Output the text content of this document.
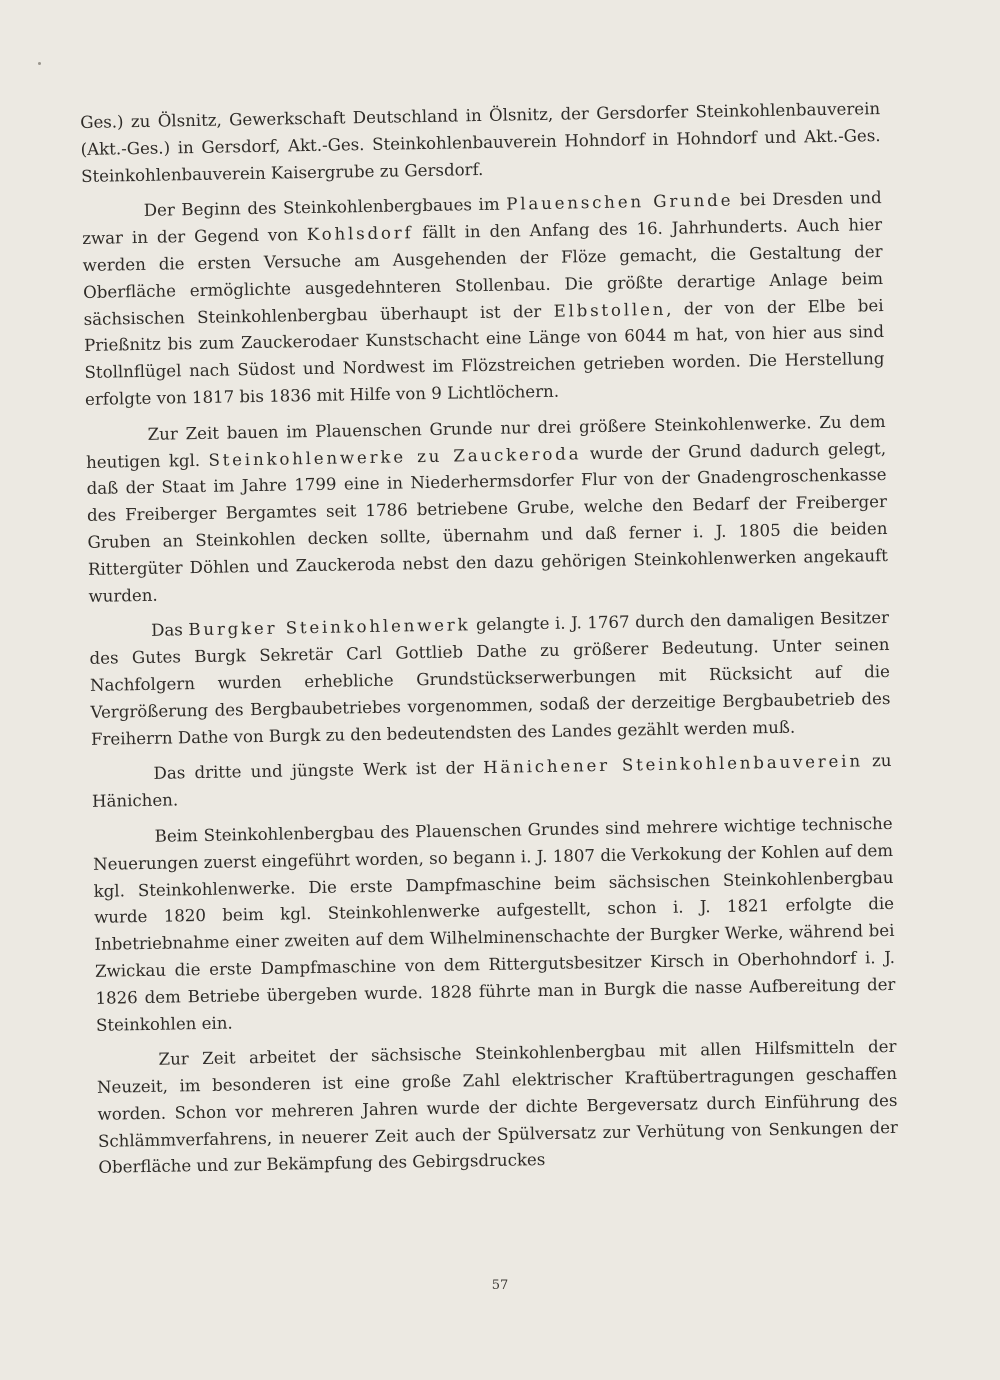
Ges.) zu Ölsnitz, Gewerkschaft Deutschland in Ölsnitz, der Gersdorfer Steinkohlenbauverein (Akt.-Ges.) in Gersdorf, Akt.-Ges. Steinkohlenbauverein Hohndorf in Hohndorf und Akt.-Ges. Steinkohlenbauverein Kaisergrube zu Gersdorf.

Der Beginn des Steinkohlenbergbaues im Plauenschen Grunde bei Dresden und zwar in der Gegend von Kohlsdorf fällt in den Anfang des 16. Jahrhunderts. Auch hier werden die ersten Versuche am Ausgehenden der Flöze gemacht, die Gestaltung der Oberfläche ermöglichte ausgedehnteren Stollenbau. Die größte derartige Anlage beim sächsischen Steinkohlenbergbau überhaupt ist der Elbstollen, der von der Elbe bei Prießnitz bis zum Zauckerodaer Kunstschacht eine Länge von 6044 m hat, von hier aus sind Stollnflügel nach Südost und Nordwest im Flözstreichen getrieben worden. Die Herstellung erfolgte von 1817 bis 1836 mit Hilfe von 9 Lichtlöchern.

Zur Zeit bauen im Plauenschen Grunde nur drei größere Steinkohlenwerke. Zu dem heutigen kgl. Steinkohlenwerke zu Zauckeroda wurde der Grund dadurch gelegt, daß der Staat im Jahre 1799 eine in Niederhermsdorfer Flur von der Gnadengroschenkasse des Freiberger Bergamtes seit 1786 betriebene Grube, welche den Bedarf der Freiberger Gruben an Steinkohlen decken sollte, übernahm und daß ferner i. J. 1805 die beiden Rittergüter Döhlen und Zauckeroda nebst den dazu gehörigen Steinkohlenwerken angekauft wurden.

Das Burgker Steinkohlenwerk gelangte i. J. 1767 durch den damaligen Besitzer des Gutes Burgk Sekretär Carl Gottlieb Dathe zu größerer Bedeutung. Unter seinen Nachfolgern wurden erhebliche Grundstückserwerbungen mit Rücksicht auf die Vergrößerung des Bergbaubetriebes vorgenommen, sodaß der derzeitige Bergbaubetrieb des Freiherrn Dathe von Burgk zu den bedeutendsten des Landes gezählt werden muß.

Das dritte und jüngste Werk ist der Hänichener Steinkohlenbauverein zu Hänichen.

Beim Steinkohlenbergbau des Plauenschen Grundes sind mehrere wichtige technische Neuerungen zuerst eingeführt worden, so begann i. J. 1807 die Verkokung der Kohlen auf dem kgl. Steinkohlenwerke. Die erste Dampfmaschine beim sächsischen Steinkohlenbergbau wurde 1820 beim kgl. Steinkohlenwerke aufgestellt, schon i. J. 1821 erfolgte die Inbetriebnahme einer zweiten auf dem Wilhelminenschachte der Burgker Werke, während bei Zwickau die erste Dampfmaschine von dem Rittergutsbesitzer Kirsch in Oberhohndorf i. J. 1826 dem Betriebe übergeben wurde. 1828 führte man in Burgk die nasse Aufbereitung der Steinkohlen ein.

Zur Zeit arbeitet der sächsische Steinkohlenbergbau mit allen Hilfsmitteln der Neuzeit, im besonderen ist eine große Zahl elektrischer Kraftübertragungen geschaffen worden. Schon vor mehreren Jahren wurde der dichte Bergeversatz durch Einführung des Schlämmverfahrens, in neuerer Zeit auch der Spülversatz zur Verhütung von Senkungen der Oberfläche und zur Bekämpfung des Gebirgsdruckes

57
